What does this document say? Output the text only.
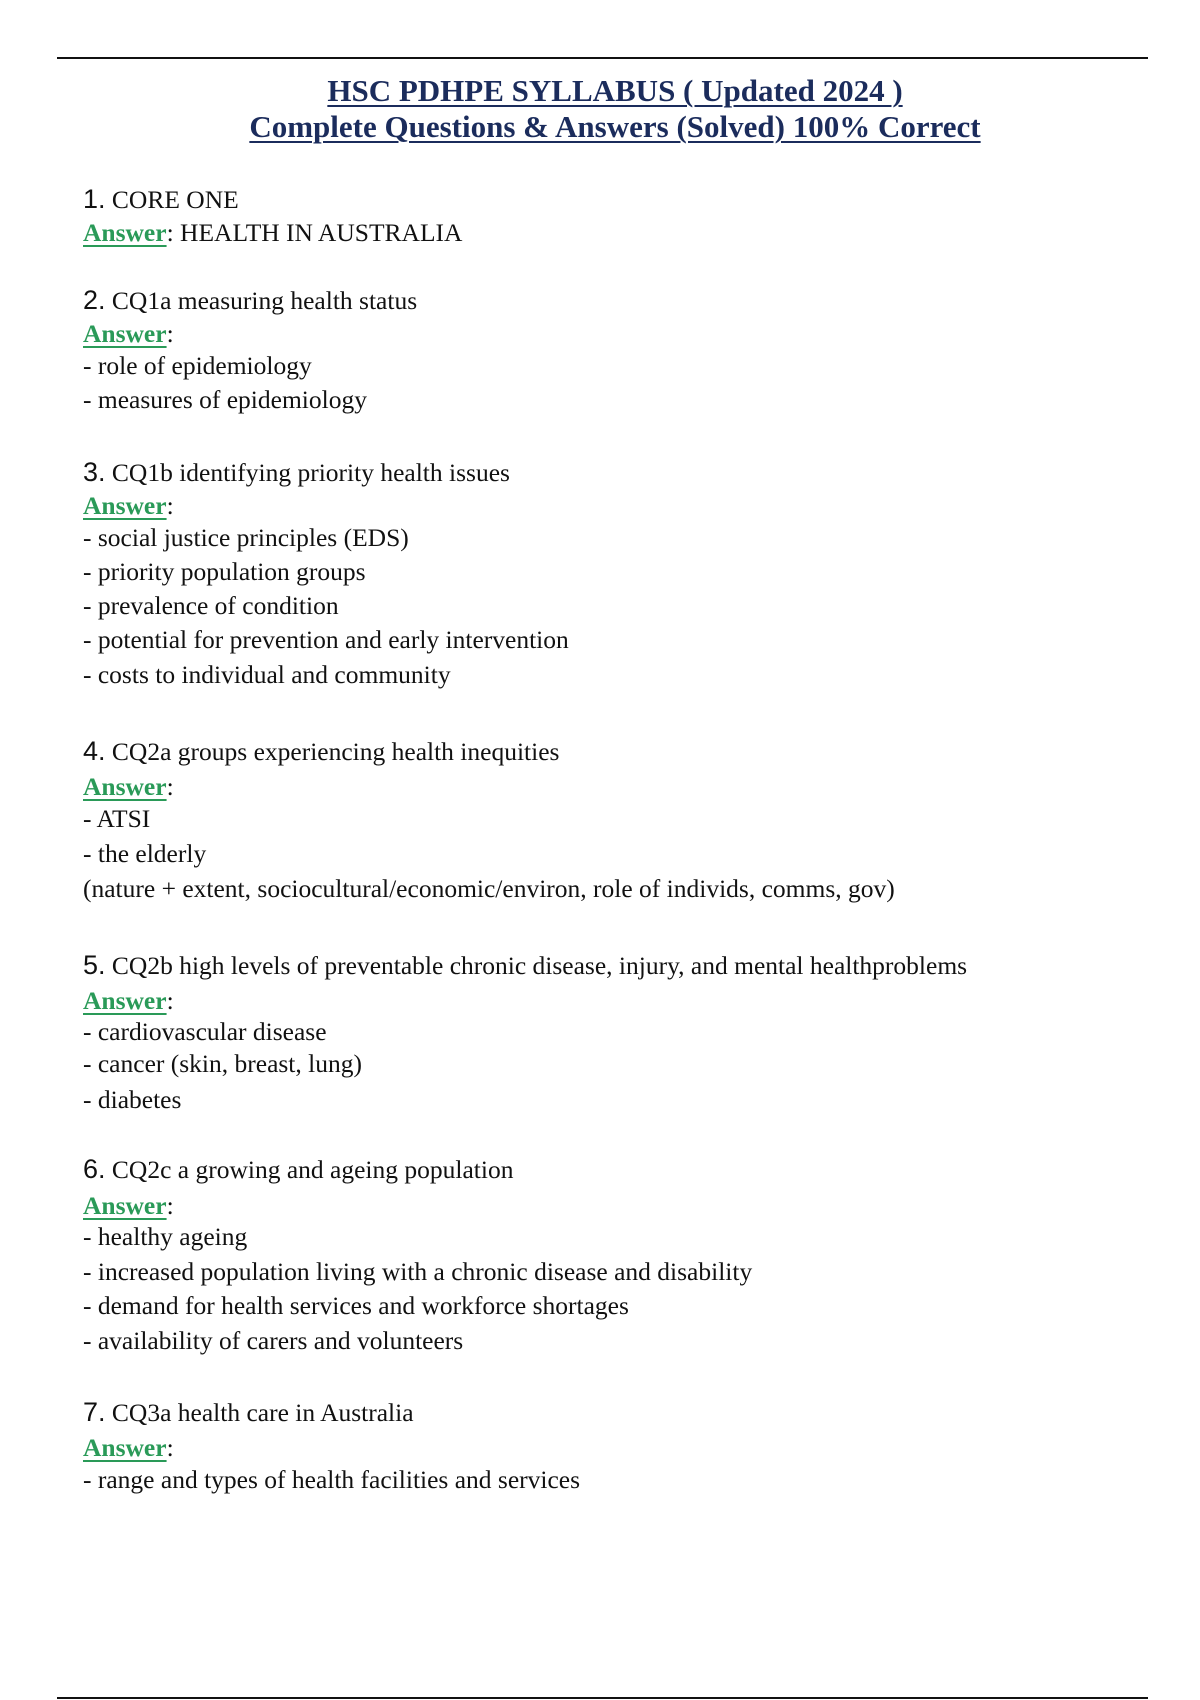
HSC PDHPE SYLLABUS ( Updated 2024 )
Complete Questions & Answers (Solved) 100% Correct
1. CORE ONE
Answer: HEALTH IN AUSTRALIA
2. CQ1a measuring health status
Answer:
- role of epidemiology
- measures of epidemiology
3. CQ1b identifying priority health issues
Answer:
- social justice principles (EDS)
- priority population groups
- prevalence of condition
- potential for prevention and early intervention
- costs to individual and community
4. CQ2a groups experiencing health inequities
Answer:
- ATSI
- the elderly
(nature + extent, sociocultural/economic/environ, role of individs, comms, gov)
5. CQ2b high levels of preventable chronic disease, injury, and mental healthproblems
Answer:
- cardiovascular disease
- cancer (skin, breast, lung)
- diabetes
6. CQ2c a growing and ageing population
Answer:
- healthy ageing
- increased population living with a chronic disease and disability
- demand for health services and workforce shortages
- availability of carers and volunteers
7. CQ3a health care in Australia
Answer:
- range and types of health facilities and services
